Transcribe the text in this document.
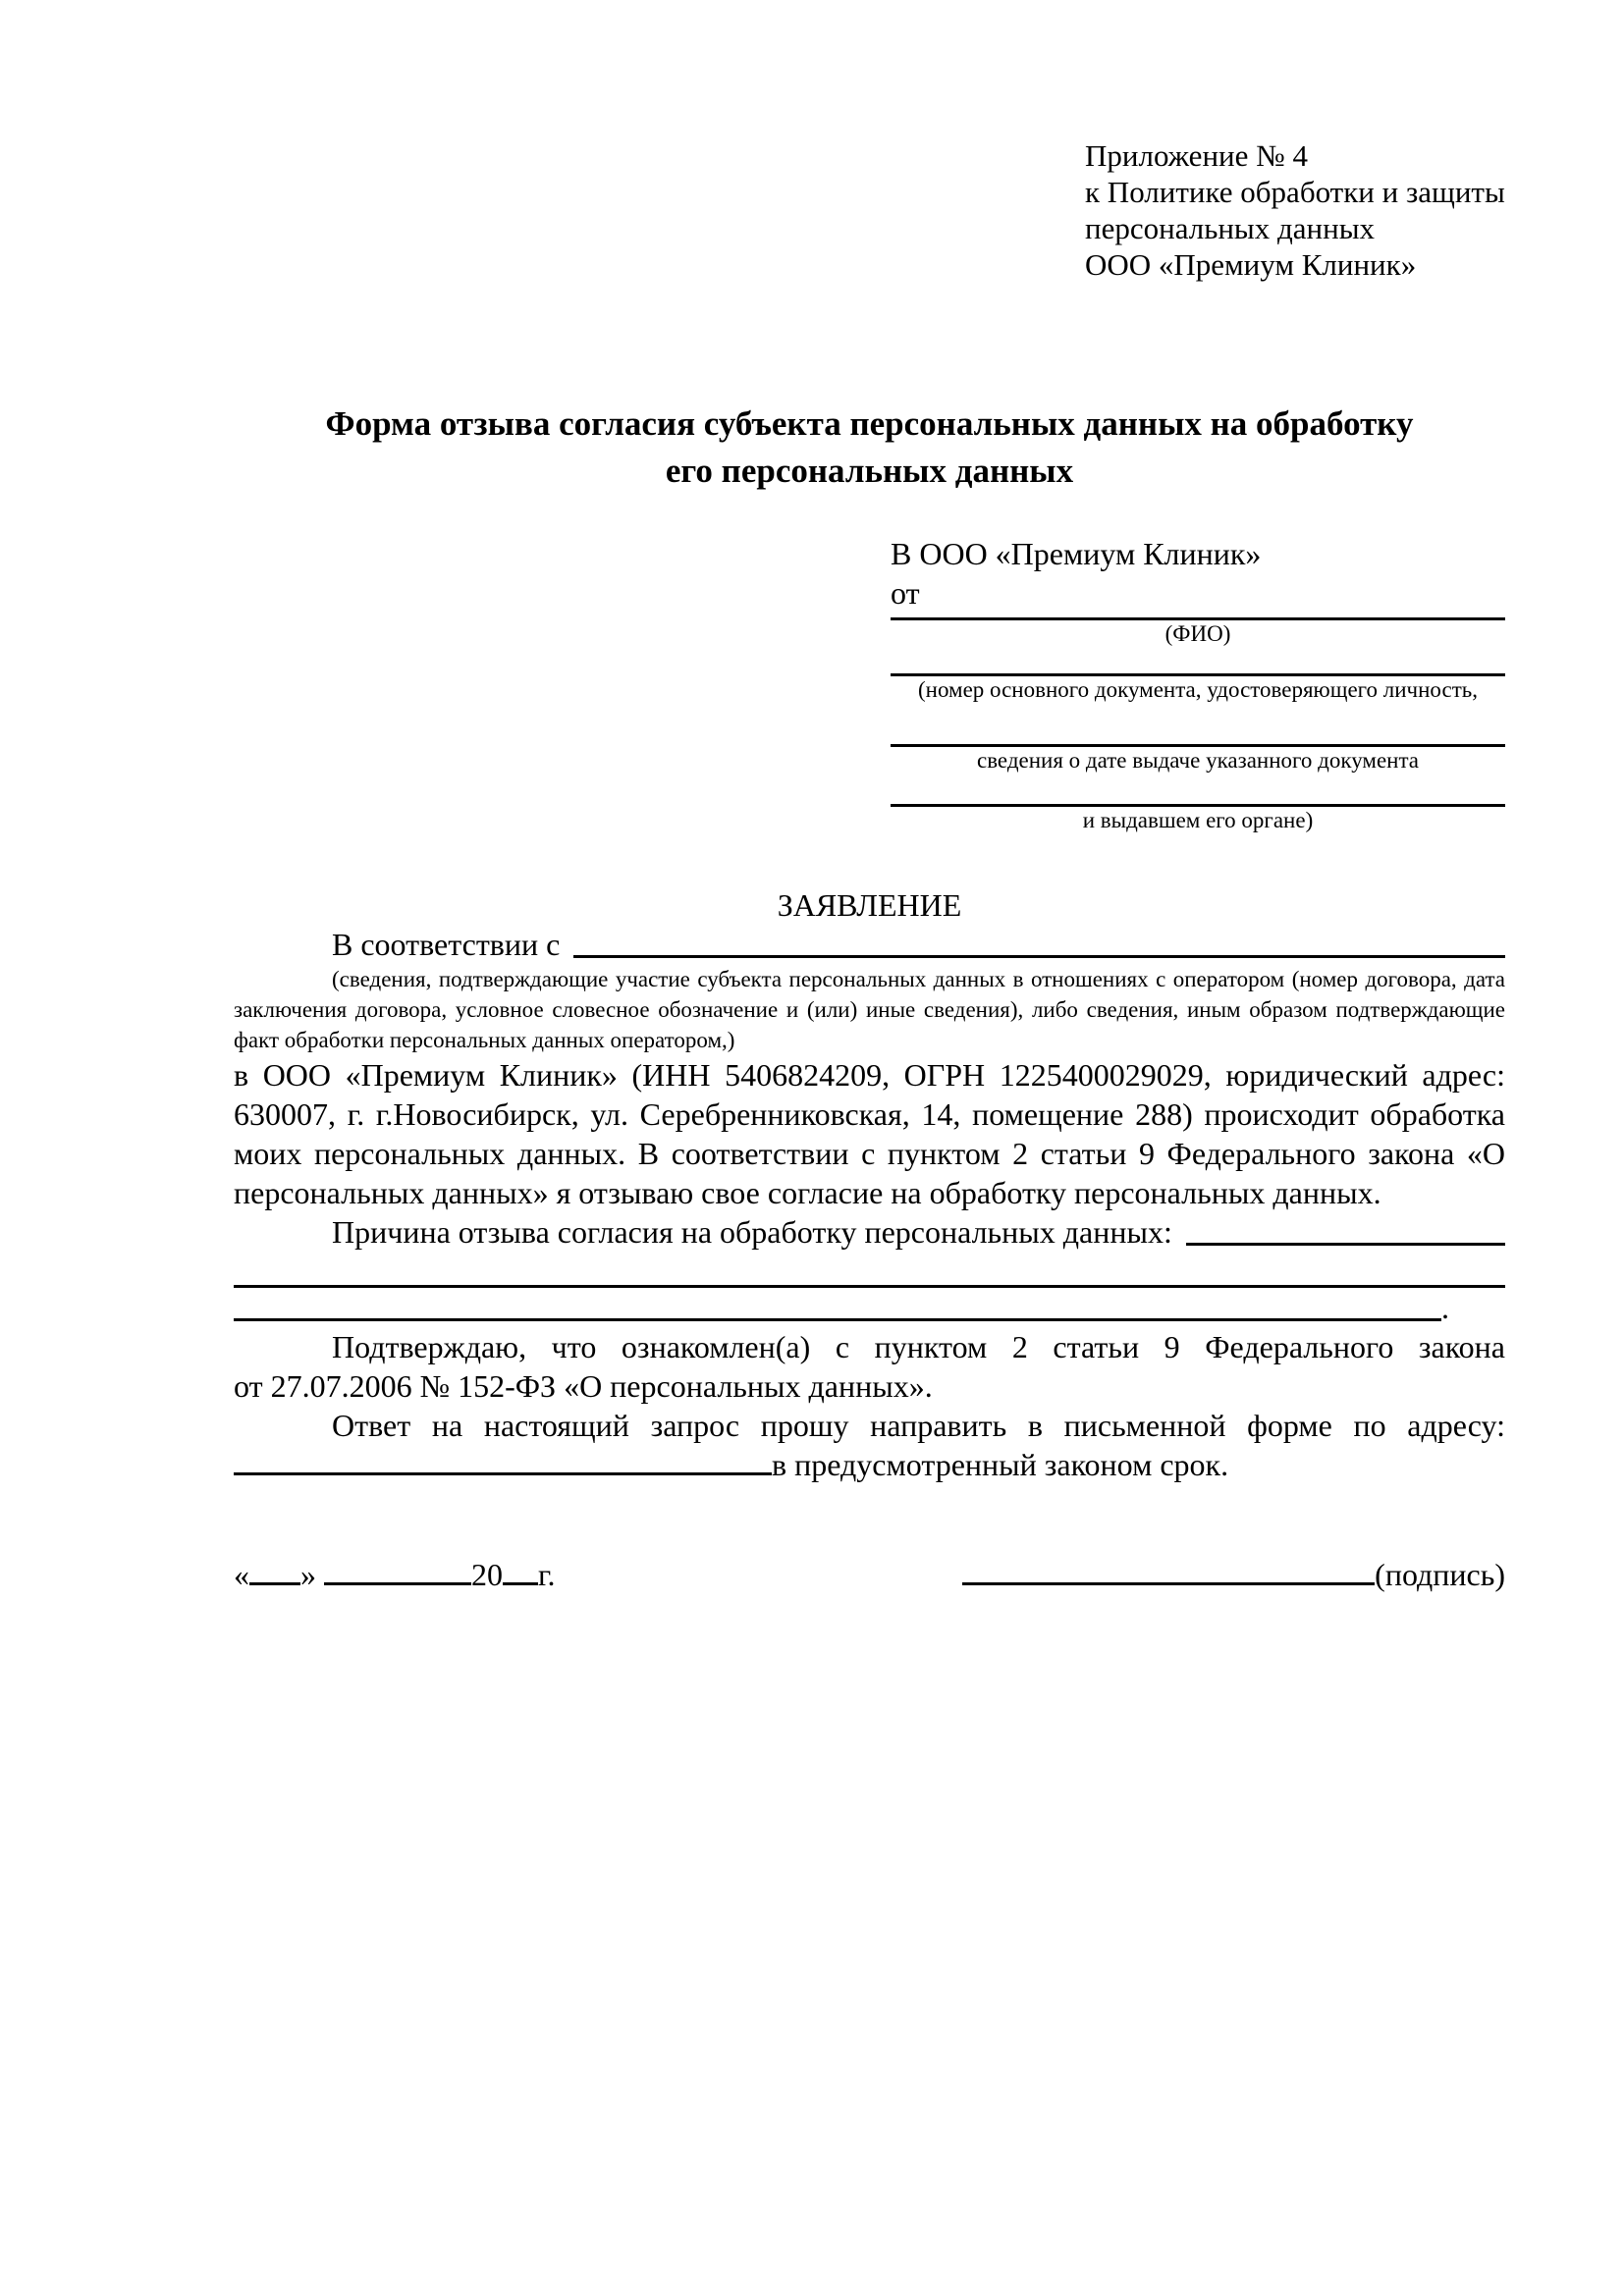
Приложение № 4
к Политике обработки и защиты
персональных данных
ООО «Премиум Клиник»
Форма отзыва согласия субъекта персональных данных на обработку
его персональных данных
В ООО «Премиум Клиник»
от
(ФИО)
(номер основного документа, удостоверяющего личность,
сведения о дате выдаче указанного документа
и выдавшем его органе)
ЗАЯВЛЕНИЕ
В соответствии с
(сведения, подтверждающие участие субъекта персональных данных в отношениях с оператором (номер договора, дата заключения договора, условное словесное обозначение и (или) иные сведения), либо сведения, иным образом подтверждающие факт обработки персональных данных оператором,)
в ООО «Премиум Клиник» (ИНН 5406824209, ОГРН 1225400029029, юридический адрес: 630007, г. г.Новосибирск, ул. Серебренниковская, 14, помещение 288) происходит обработка моих персональных данных. В соответствии с пунктом 2 статьи 9 Федерального закона «О персональных данных» я отзываю свое согласие на обработку персональных данных.
Причина отзыва согласия на обработку персональных данных:
.
Подтверждаю, что ознакомлен(а) с пунктом 2 статьи 9 Федерального закона
от 27.07.2006 № 152-ФЗ «О персональных данных».
Ответ на настоящий запрос прошу направить в письменной форме по адресу:
в предусмотренный законом срок.
« »	20 г.	(подпись)
